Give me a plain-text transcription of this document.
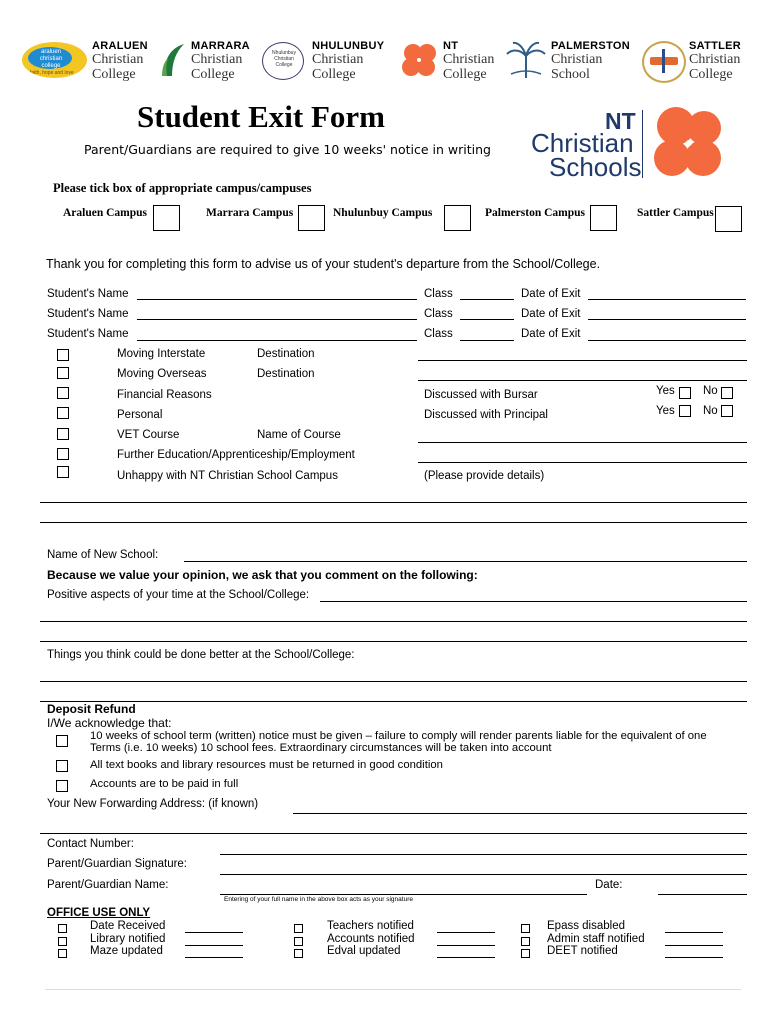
araluen christian college
faith, hope and love
ARALUEN
Christian
College
MARRARA
Christian
College
Nhulunbuy Christian College
NHULUNBUY
Christian
College
NT
Christian
College
PALMERSTON
Christian
School
SATTLER
Christian
College
Student Exit Form
Parent/Guardians are required to give 10 weeks' notice in writing
NT
Christian
Schools
Please tick box of appropriate campus/campuses
Araluen Campus	Marrara Campus	Nhulunbuy Campus	Palmerston Campus	Sattler Campus
Thank you for completing this form to advise us of your student's departure from the School/College.
Student's Name	Class	Date of Exit
Student's Name	Class	Date of Exit
Student's Name	Class	Date of Exit
Moving Interstate	Destination
Moving Overseas	Destination
Financial Reasons	Discussed with Bursar	Yes No
Personal	Discussed with Principal	Yes No
VET Course	Name of Course
Further Education/Apprenticeship/Employment
Unhappy with NT Christian School Campus	(Please provide details)
Name of New School:
Because we value your opinion, we ask that you comment on the following:
Positive aspects of your time at the School/College:
Things you think could be done better at the School/College:
Deposit Refund
I/We acknowledge that:
10 weeks of school term (written) notice must be given – failure to comply will render parents liable for the equivalent of one
Terms (i.e. 10 weeks) 10 school fees. Extraordinary circumstances will be taken into account
All text books and library resources must be returned in good condition
Accounts are to be paid in full
Your New Forwarding Address: (if known)
Contact Number:
Parent/Guardian Signature:
Parent/Guardian Name:	Date:
Entering of your full name in the above box acts as your signature
OFFICE USE ONLY
Date Received
Library notified
Maze updated
Teachers notified
Accounts notified
Edval updated
Epass disabled
Admin staff notified
DEET notified
